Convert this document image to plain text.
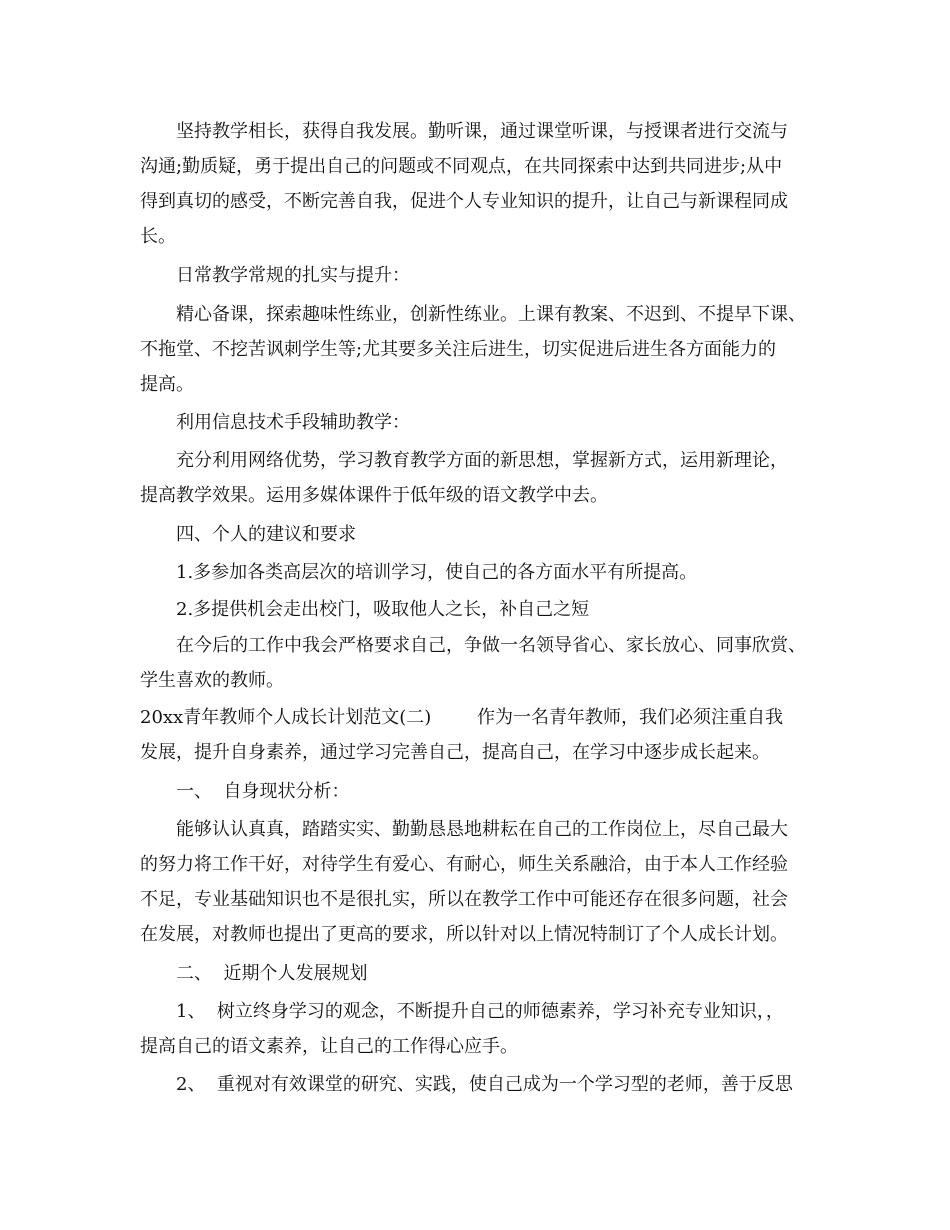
坚持教学相长，获得自我发展。勤听课，通过课堂听课，与授课者进行交流与
沟通;勤质疑，勇于提出自己的问题或不同观点，在共同探索中达到共同进步;从中
得到真切的感受，不断完善自我，促进个人专业知识的提升，让自己与新课程同成
长。
日常教学常规的扎实与提升：
精心备课，探索趣味性练业，创新性练业。上课有教案、不迟到、不提早下课、
不拖堂、不挖苦讽刺学生等;尤其要多关注后进生，切实促进后进生各方面能力的
提高。
利用信息技术手段辅助教学：
充分利用网络优势，学习教育教学方面的新思想，掌握新方式，运用新理论，
提高教学效果。运用多媒体课件于低年级的语文教学中去。
四、个人的建议和要求
1.多参加各类高层次的培训学习，使自己的各方面水平有所提高。
2.多提供机会走出校门，吸取他人之长，补自己之短
在今后的工作中我会严格要求自己，争做一名领导省心、家长放心、同事欣赏、
学生喜欢的教师。
20xx青年教师个人成长计划范文(二)        作为一名青年教师，我们必须注重自我
发展，提升自身素养，通过学习完善自己，提高自己，在学习中逐步成长起来。
一、  自身现状分析：
能够认认真真，踏踏实实、勤勤恳恳地耕耘在自己的工作岗位上，尽自己最大
的努力将工作干好，对待学生有爱心、有耐心，师生关系融洽，由于本人工作经验
不足，专业基础知识也不是很扎实，所以在教学工作中可能还存在很多问题，社会
在发展，对教师也提出了更高的要求，所以针对以上情况特制订了个人成长计划。
二、  近期个人发展规划
1、  树立终身学习的观念，不断提升自己的师德素养，学习补充专业知识，，
提高自己的语文素养，让自己的工作得心应手。
2、  重视对有效课堂的研究、实践，使自己成为一个学习型的老师，善于反思
